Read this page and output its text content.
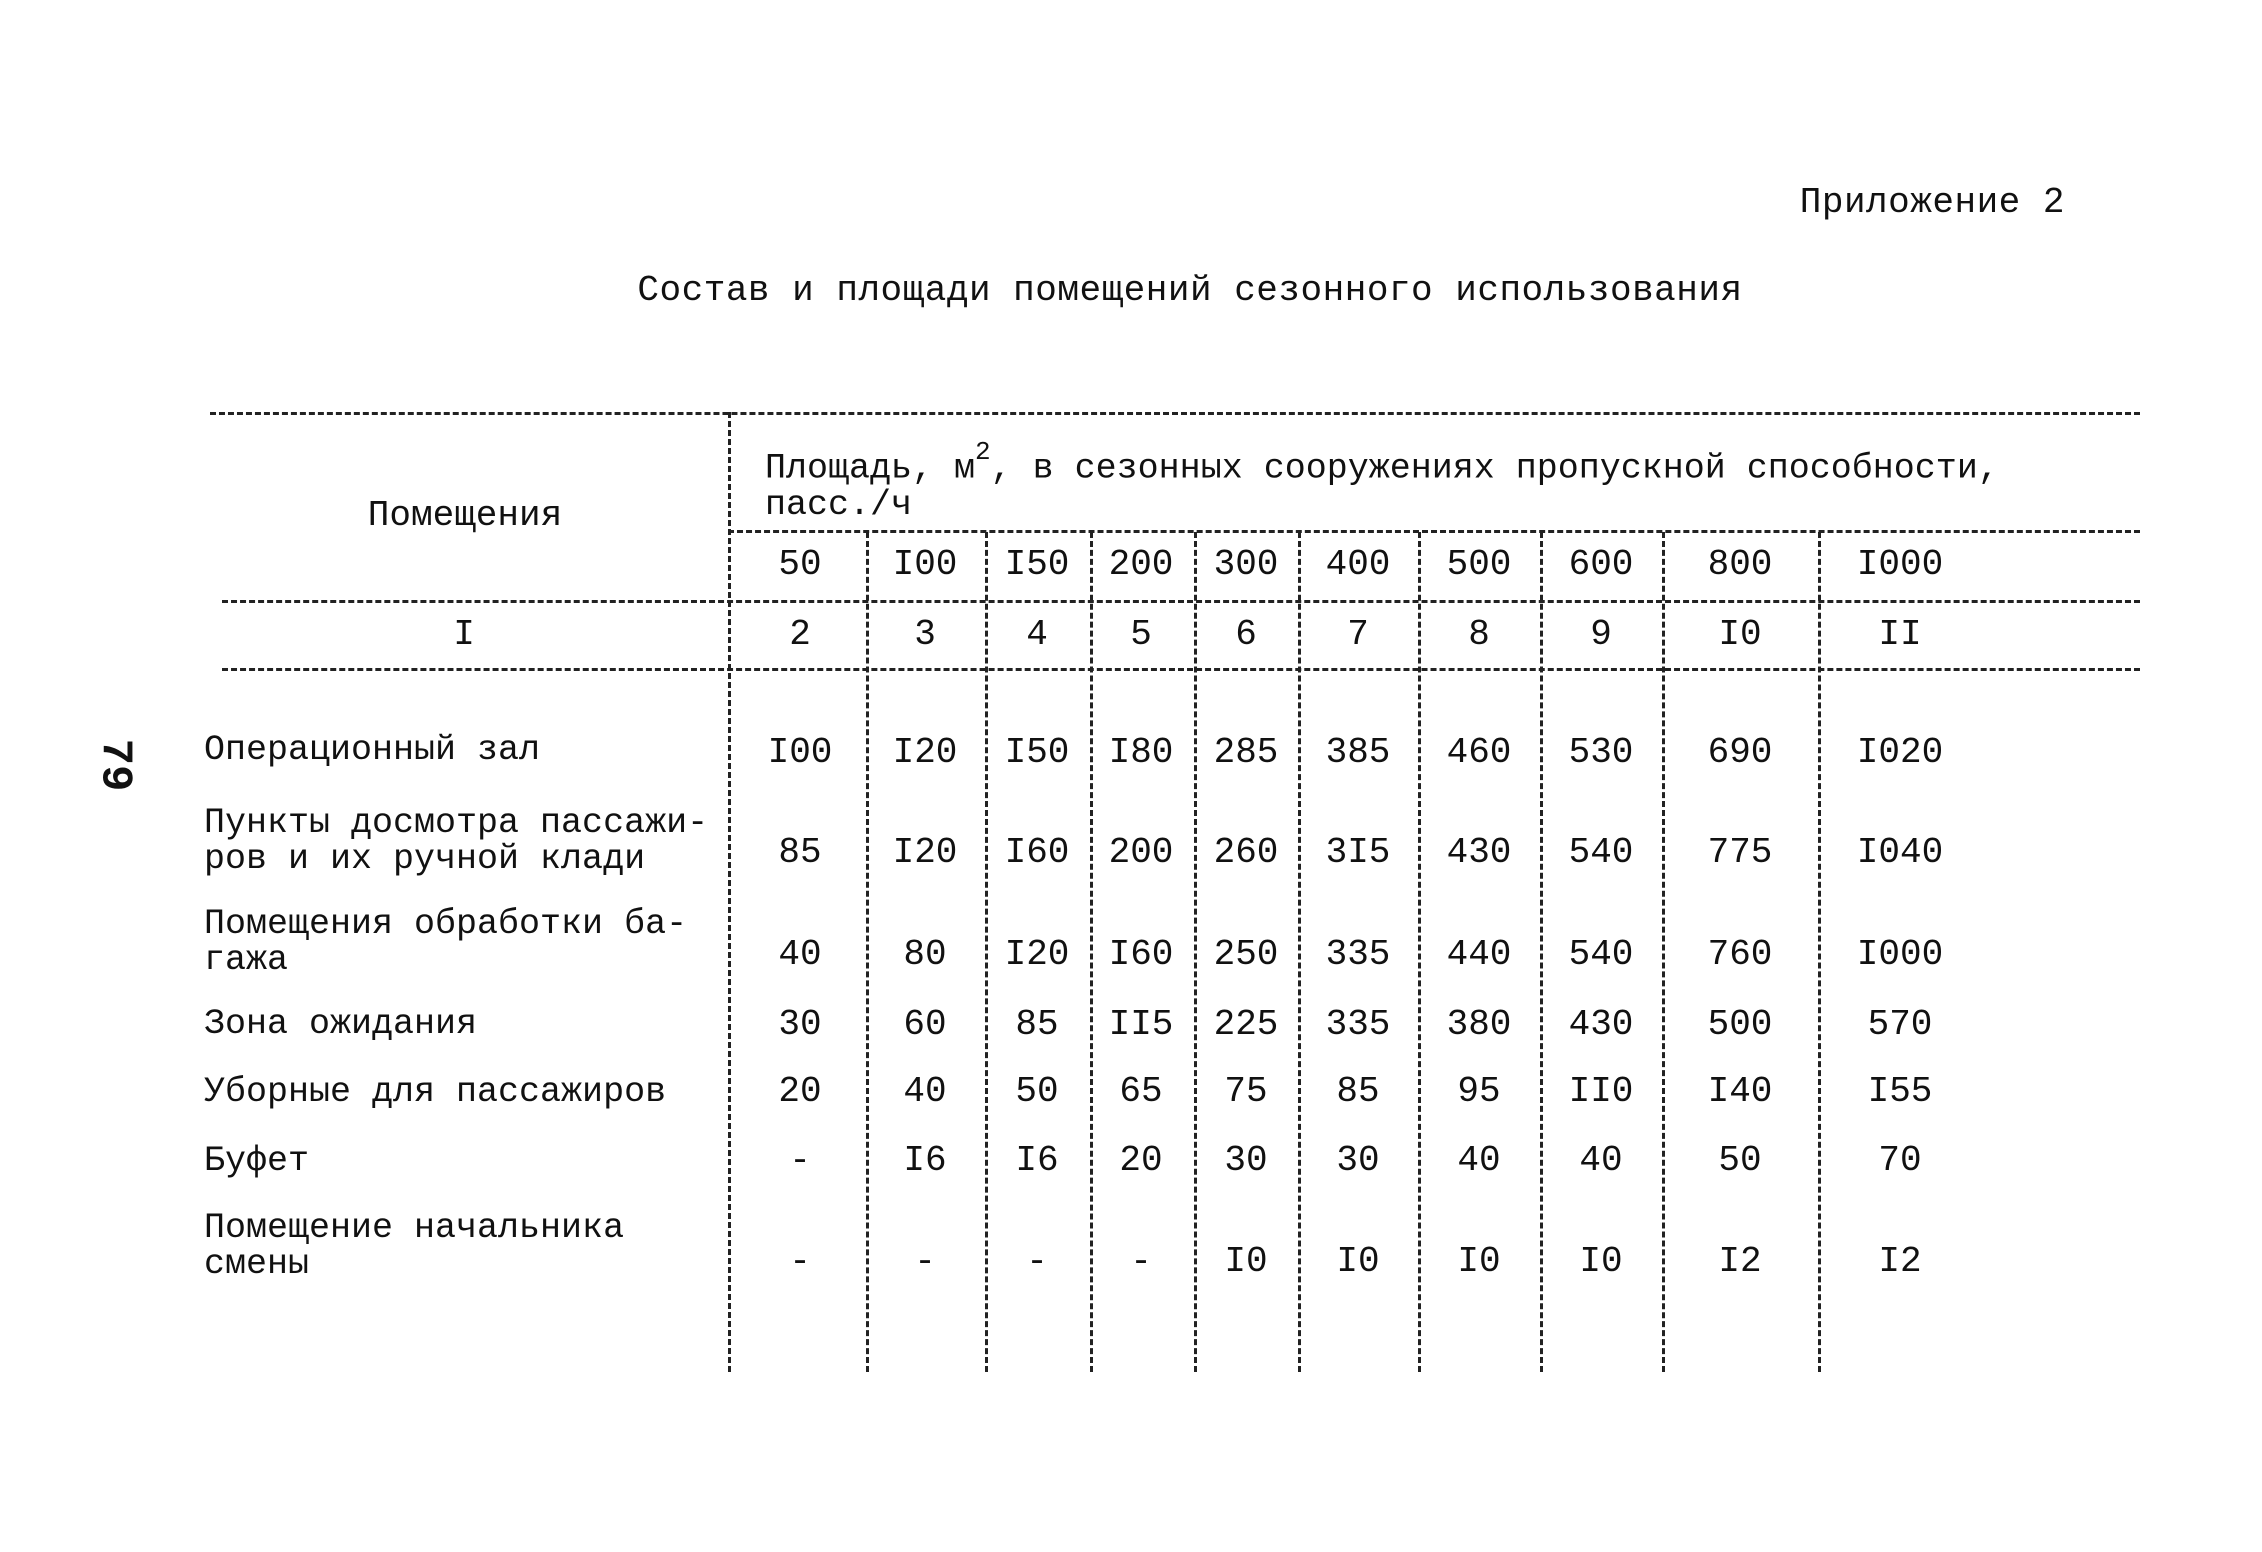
Приложение 2
Состав и площади помещений сезонного использования
79
Помещения
Площадь, $м^2$, в сезонных сооружениях пропускной способности,
пасс./ч
50	I00	I50	200	300	400	500	600	800	I000
I	2	3	4	5	6	7	8	9	I0	II
Операционный зал	I00	I20	I50	I80	285	385	460	530	690	I020
Пункты досмотра пассажи-
ров и их ручной клади	85	I20	I60	200	260	3I5	430	540	775	I040
Помещения обработки ба-
гажа	40	80	I20	I60	250	335	440	540	760	I000
Зона ожидания	30	60	85	II5	225	335	380	430	500	570
Уборные для пассажиров	20	40	50	65	75	85	95	II0	I40	I55
Буфет	-	I6	I6	20	30	30	40	40	50	70
Помещение начальника
смены	-	-	-	-	I0	I0	I0	I0	I2	I2
